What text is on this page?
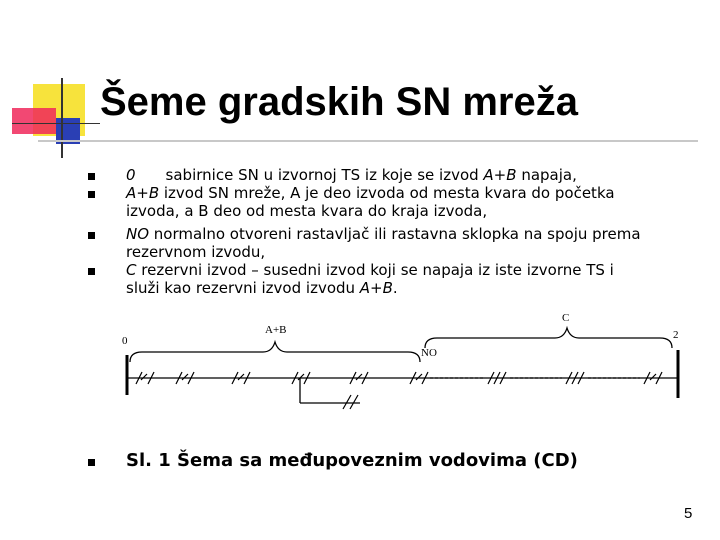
Šeme gradskih SN mreža
0 sabirnice SN u izvornoj TS iz koje se izvod A+B napaja,
A+B izvod SN mreže, A je deo izvoda od mesta kvara do početka
izvoda, a B deo od mesta kvara do kraja izvoda,
NO normalno otvoreni rastavljač ili rastavna sklopka na spoju prema
rezervnom izvodu,
C rezervni izvod – susedni izvod koji se napaja iz iste izvorne TS i
služi kao rezervni izvod izvodu A+B.
0	2
A+B
C
NO
Sl. 1 Šema sa međupoveznim vodovima (CD)
5
